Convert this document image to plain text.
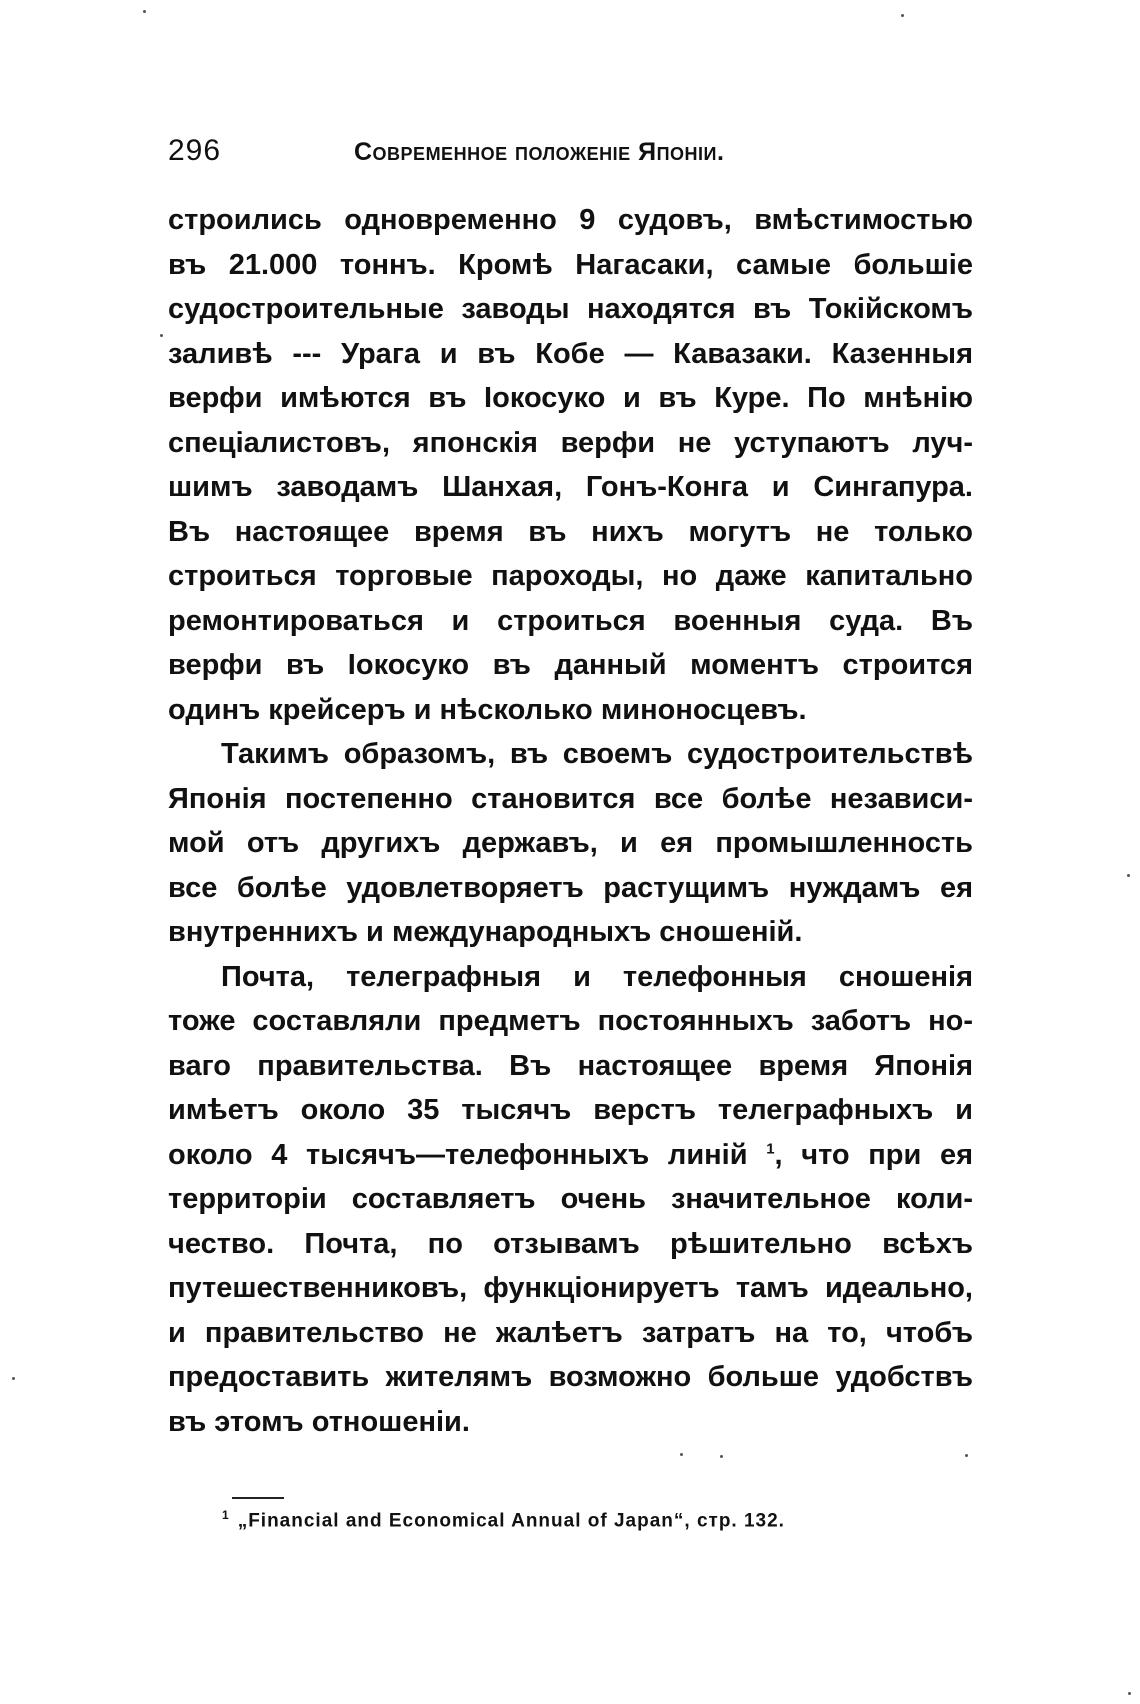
296	Современное положеніе Японіи.
строились одновременно 9 судовъ, вмѣстимостью
въ 21.000 тоннъ. Кромѣ Нагасаки, самые большіе
судостроительные заводы находятся въ Токійскомъ
заливѣ --- Урага и въ Кобе — Кавазаки. Казенныя
верфи имѣются въ Іокосуко и въ Куре. По мнѣнію
спеціалистовъ, японскія верфи не уступаютъ луч-
шимъ заводамъ Шанхая, Гонъ-Конга и Сингапура.
Въ настоящее время въ нихъ могутъ не только
строиться торговые пароходы, но даже капитально
ремонтироваться и строиться военныя суда. Въ
верфи въ Іокосуко въ данный моментъ строится
одинъ крейсеръ и нѣсколько миноносцевъ.
Такимъ образомъ, въ своемъ судостроительствѣ
Японія постепенно становится все болѣе независи-
мой отъ другихъ державъ, и ея промышленность
все болѣе удовлетворяетъ растущимъ нуждамъ ея
внутреннихъ и международныхъ сношеній.
Почта, телеграфныя и телефонныя сношенія
тоже составляли предметъ постоянныхъ заботъ но-
ваго правительства. Въ настоящее время Японія
имѣетъ около 35 тысячъ верстъ телеграфныхъ и
около 4 тысячъ—телефонныхъ линій $^1$, что при ея
территоріи составляетъ очень значительное коли-
чество. Почта, по отзывамъ рѣшительно всѣхъ
путешественниковъ, функціонируетъ тамъ идеально,
и правительство не жалѣетъ затратъ на то, чтобъ
предоставить жителямъ возможно больше удобствъ
въ этомъ отношеніи.
$^1$ „Financial and Economical Annual of Japan“, стр. 132.
